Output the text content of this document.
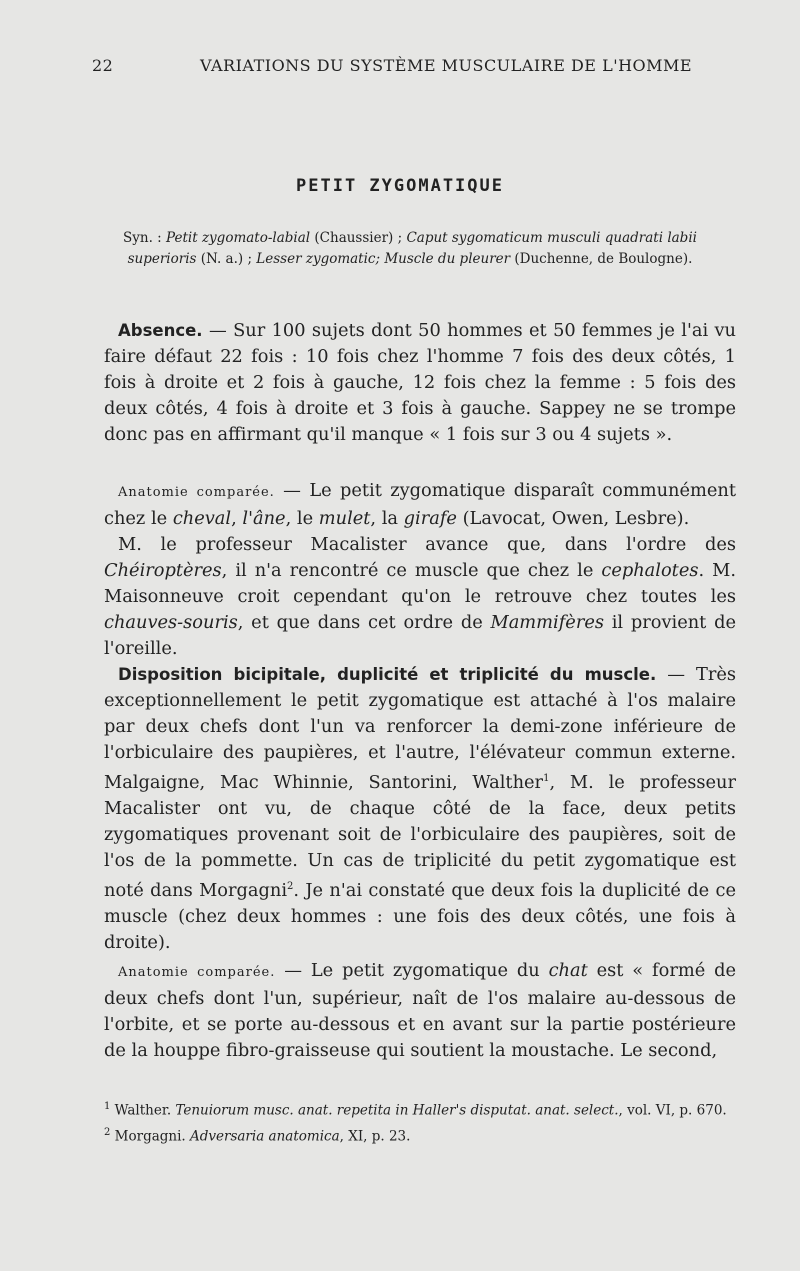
22	VARIATIONS DU SYSTÈME MUSCULAIRE DE L'HOMME
PETIT ZYGOMATIQUE
Syn. : Petit zygomato-labial (Chaussier) ; Caput sygomaticum musculi quadrati labii superioris (N. a.) ; Lesser zygomatic; Muscle du pleurer (Duchenne, de Boulogne).

Absence. — Sur 100 sujets dont 50 hommes et 50 femmes je l'ai vu faire défaut 22 fois : 10 fois chez l'homme 7 fois des deux côtés, 1 fois à droite et 2 fois à gauche, 12 fois chez la femme : 5 fois des deux côtés, 4 fois à droite et 3 fois à gauche. Sappey ne se trompe donc pas en affirmant qu'il manque « 1 fois sur 3 ou 4 sujets ».

Anatomie comparée. — Le petit zygomatique disparaît communément chez le cheval, l'âne, le mulet, la girafe (Lavocat, Owen, Lesbre).

M. le professeur Macalister avance que, dans l'ordre des Chéiroptères, il n'a rencontré ce muscle que chez le cephalotes. M. Maisonneuve croit cependant qu'on le retrouve chez toutes les chauves-souris, et que dans cet ordre de Mammifères il provient de l'oreille.

Disposition bicipitale, duplicité et triplicité du muscle. — Très exceptionnellement le petit zygomatique est attaché à l'os malaire par deux chefs dont l'un va renforcer la demi-zone inférieure de l'orbiculaire des paupières, et l'autre, l'élévateur commun externe. Malgaigne, Mac Whinnie, Santorini, Walther$^1$, M. le professeur Macalister ont vu, de chaque côté de la face, deux petits zygomatiques provenant soit de l'orbiculaire des paupières, soit de l'os de la pommette. Un cas de triplicité du petit zygomatique est noté dans Morgagni$^2$. Je n'ai constaté que deux fois la duplicité de ce muscle (chez deux hommes : une fois des deux côtés, une fois à droite).

Anatomie comparée. — Le petit zygomatique du chat est « formé de deux chefs dont l'un, supérieur, naît de l'os malaire au-dessous de l'orbite, et se porte au-dessous et en avant sur la partie postérieure de la houppe fibro-graisseuse qui soutient la moustache. Le second,

$^1$ Walther. Tenuiorum musc. anat. repetita in Haller's disputat. anat. select., vol. VI, p. 670.
$^2$ Morgagni. Adversaria anatomica, XI, p. 23.
